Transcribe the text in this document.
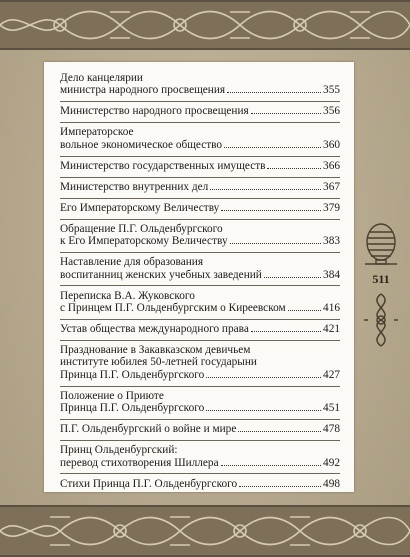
Дело канцелярии
министра народного просвещения	355
Министерство народного просвещения	356
Императорское
вольное экономическое общество	360
Министерство государственных имуществ	366
Министерство внутренних дел	367
Его Императорскому Величеству	379
Обращение П.Г. Ольденбургского
к Его Императорскому Величеству	383
Наставление для образования
воспитанниц женских учебных заведений	384
Переписка В.А. Жуковского
с Принцем П.Г. Ольденбургским о Киреевском	416
Устав общества международного права	421
Празднование в Закавказском девичьем
институте юбилея 50-летней государыни
Принца П.Г. Ольденбургского	427
Положение о Приюте
Принца П.Г. Ольденбургского	451
П.Г. Ольденбургский о войне и мире	478
Принц Ольденбургский:
перевод стихотворения Шиллера	492
Стихи Принца П.Г. Ольденбургского	498
511
